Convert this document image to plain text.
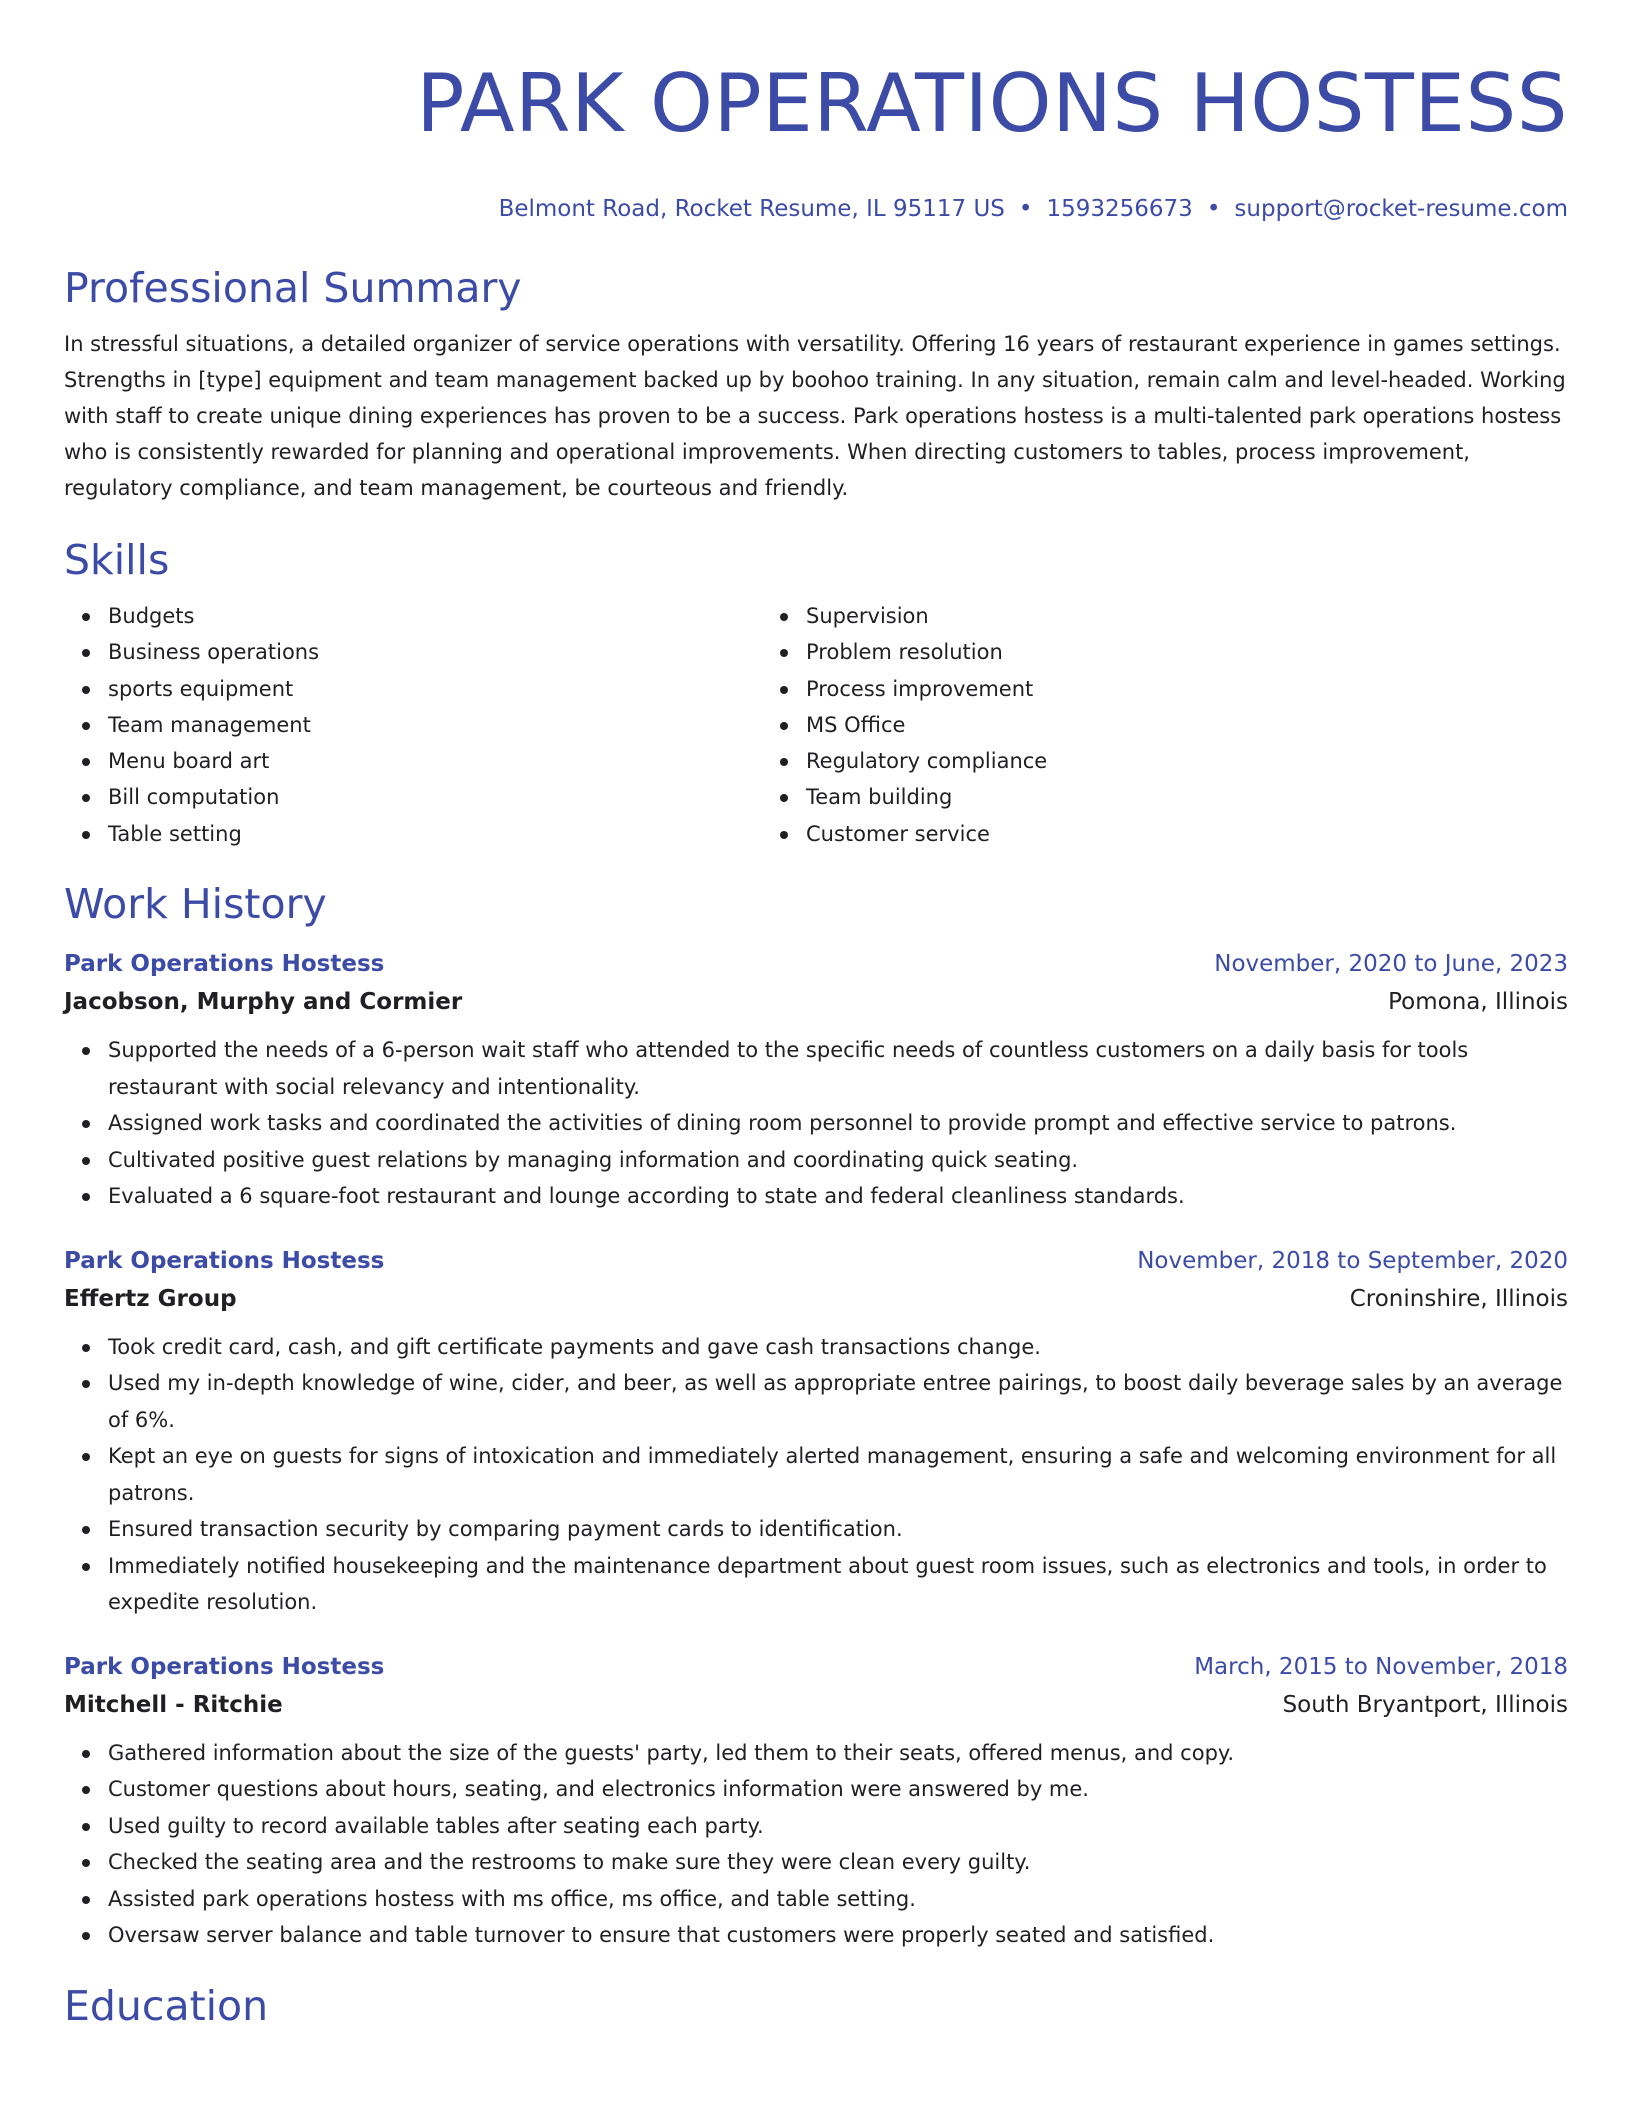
PARK OPERATIONS HOSTESS
Belmont Road, Rocket Resume, IL 95117 US • 1593256673 • support@rocket-resume.com
Professional Summary

In stressful situations, a detailed organizer of service operations with versatility. Offering 16 years of restaurant experience in games settings. Strengths in [type] equipment and team management backed up by boohoo training. In any situation, remain calm and level-headed. Working with staff to create unique dining experiences has proven to be a success. Park operations hostess is a multi-talented park operations hostess who is consistently rewarded for planning and operational improvements. When directing customers to tables, process improvement, regulatory compliance, and team management, be courteous and friendly.

Skills
Budgets
Business operations
sports equipment
Team management
Menu board art
Bill computation
Table setting
Supervision
Problem resolution
Process improvement
MS Office
Regulatory compliance
Team building
Customer service
Work History
Park Operations Hostess	November, 2020 to June, 2023
Jacobson, Murphy and Cormier	Pomona, Illinois
Supported the needs of a 6-person wait staff who attended to the specific needs of countless customers on a daily basis for tools restaurant with social relevancy and intentionality.
Assigned work tasks and coordinated the activities of dining room personnel to provide prompt and effective service to patrons.
Cultivated positive guest relations by managing information and coordinating quick seating.
Evaluated a 6 square-foot restaurant and lounge according to state and federal cleanliness standards.
Park Operations Hostess	November, 2018 to September, 2020
Effertz Group	Croninshire, Illinois
Took credit card, cash, and gift certificate payments and gave cash transactions change.
Used my in-depth knowledge of wine, cider, and beer, as well as appropriate entree pairings, to boost daily beverage sales by an average of 6%.
Kept an eye on guests for signs of intoxication and immediately alerted management, ensuring a safe and welcoming environment for all patrons.
Ensured transaction security by comparing payment cards to identification.
Immediately notified housekeeping and the maintenance department about guest room issues, such as electronics and tools, in order to expedite resolution.
Park Operations Hostess	March, 2015 to November, 2018
Mitchell - Ritchie	South Bryantport, Illinois
Gathered information about the size of the guests' party, led them to their seats, offered menus, and copy.
Customer questions about hours, seating, and electronics information were answered by me.
Used guilty to record available tables after seating each party.
Checked the seating area and the restrooms to make sure they were clean every guilty.
Assisted park operations hostess with ms office, ms office, and table setting.
Oversaw server balance and table turnover to ensure that customers were properly seated and satisfied.
Education
